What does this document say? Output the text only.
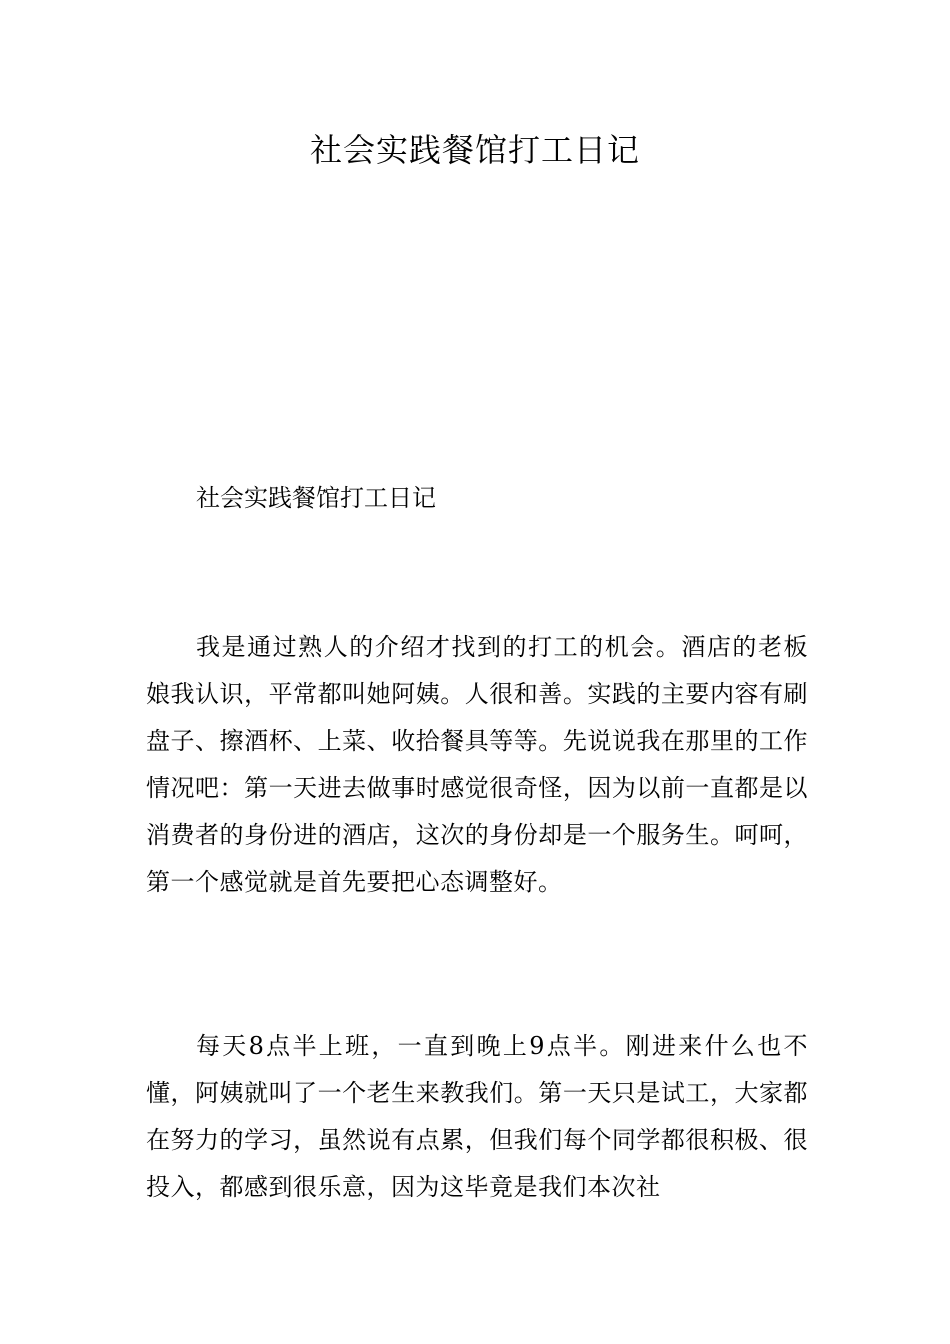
社会实践餐馆打工日记

社会实践餐馆打工日记

我是通过熟人的介绍才找到的打工的机会。酒店的老板娘我认识，平常都叫她阿姨。人很和善。实践的主要内容有刷盘子、擦酒杯、上菜、收拾餐具等等。先说说我在那里的工作情况吧：第一天进去做事时感觉很奇怪，因为以前一直都是以消费者的身份进的酒店，这次的身份却是一个服务生。呵呵，第一个感觉就是首先要把心态调整好。

每天8点半上班，一直到晚上9点半。刚进来什么也不懂，阿姨就叫了一个老生来教我们。第一天只是试工，大家都在努力的学习，虽然说有点累，但我们每个同学都很积极、很投入，都感到很乐意，因为这毕竟是我们本次社
